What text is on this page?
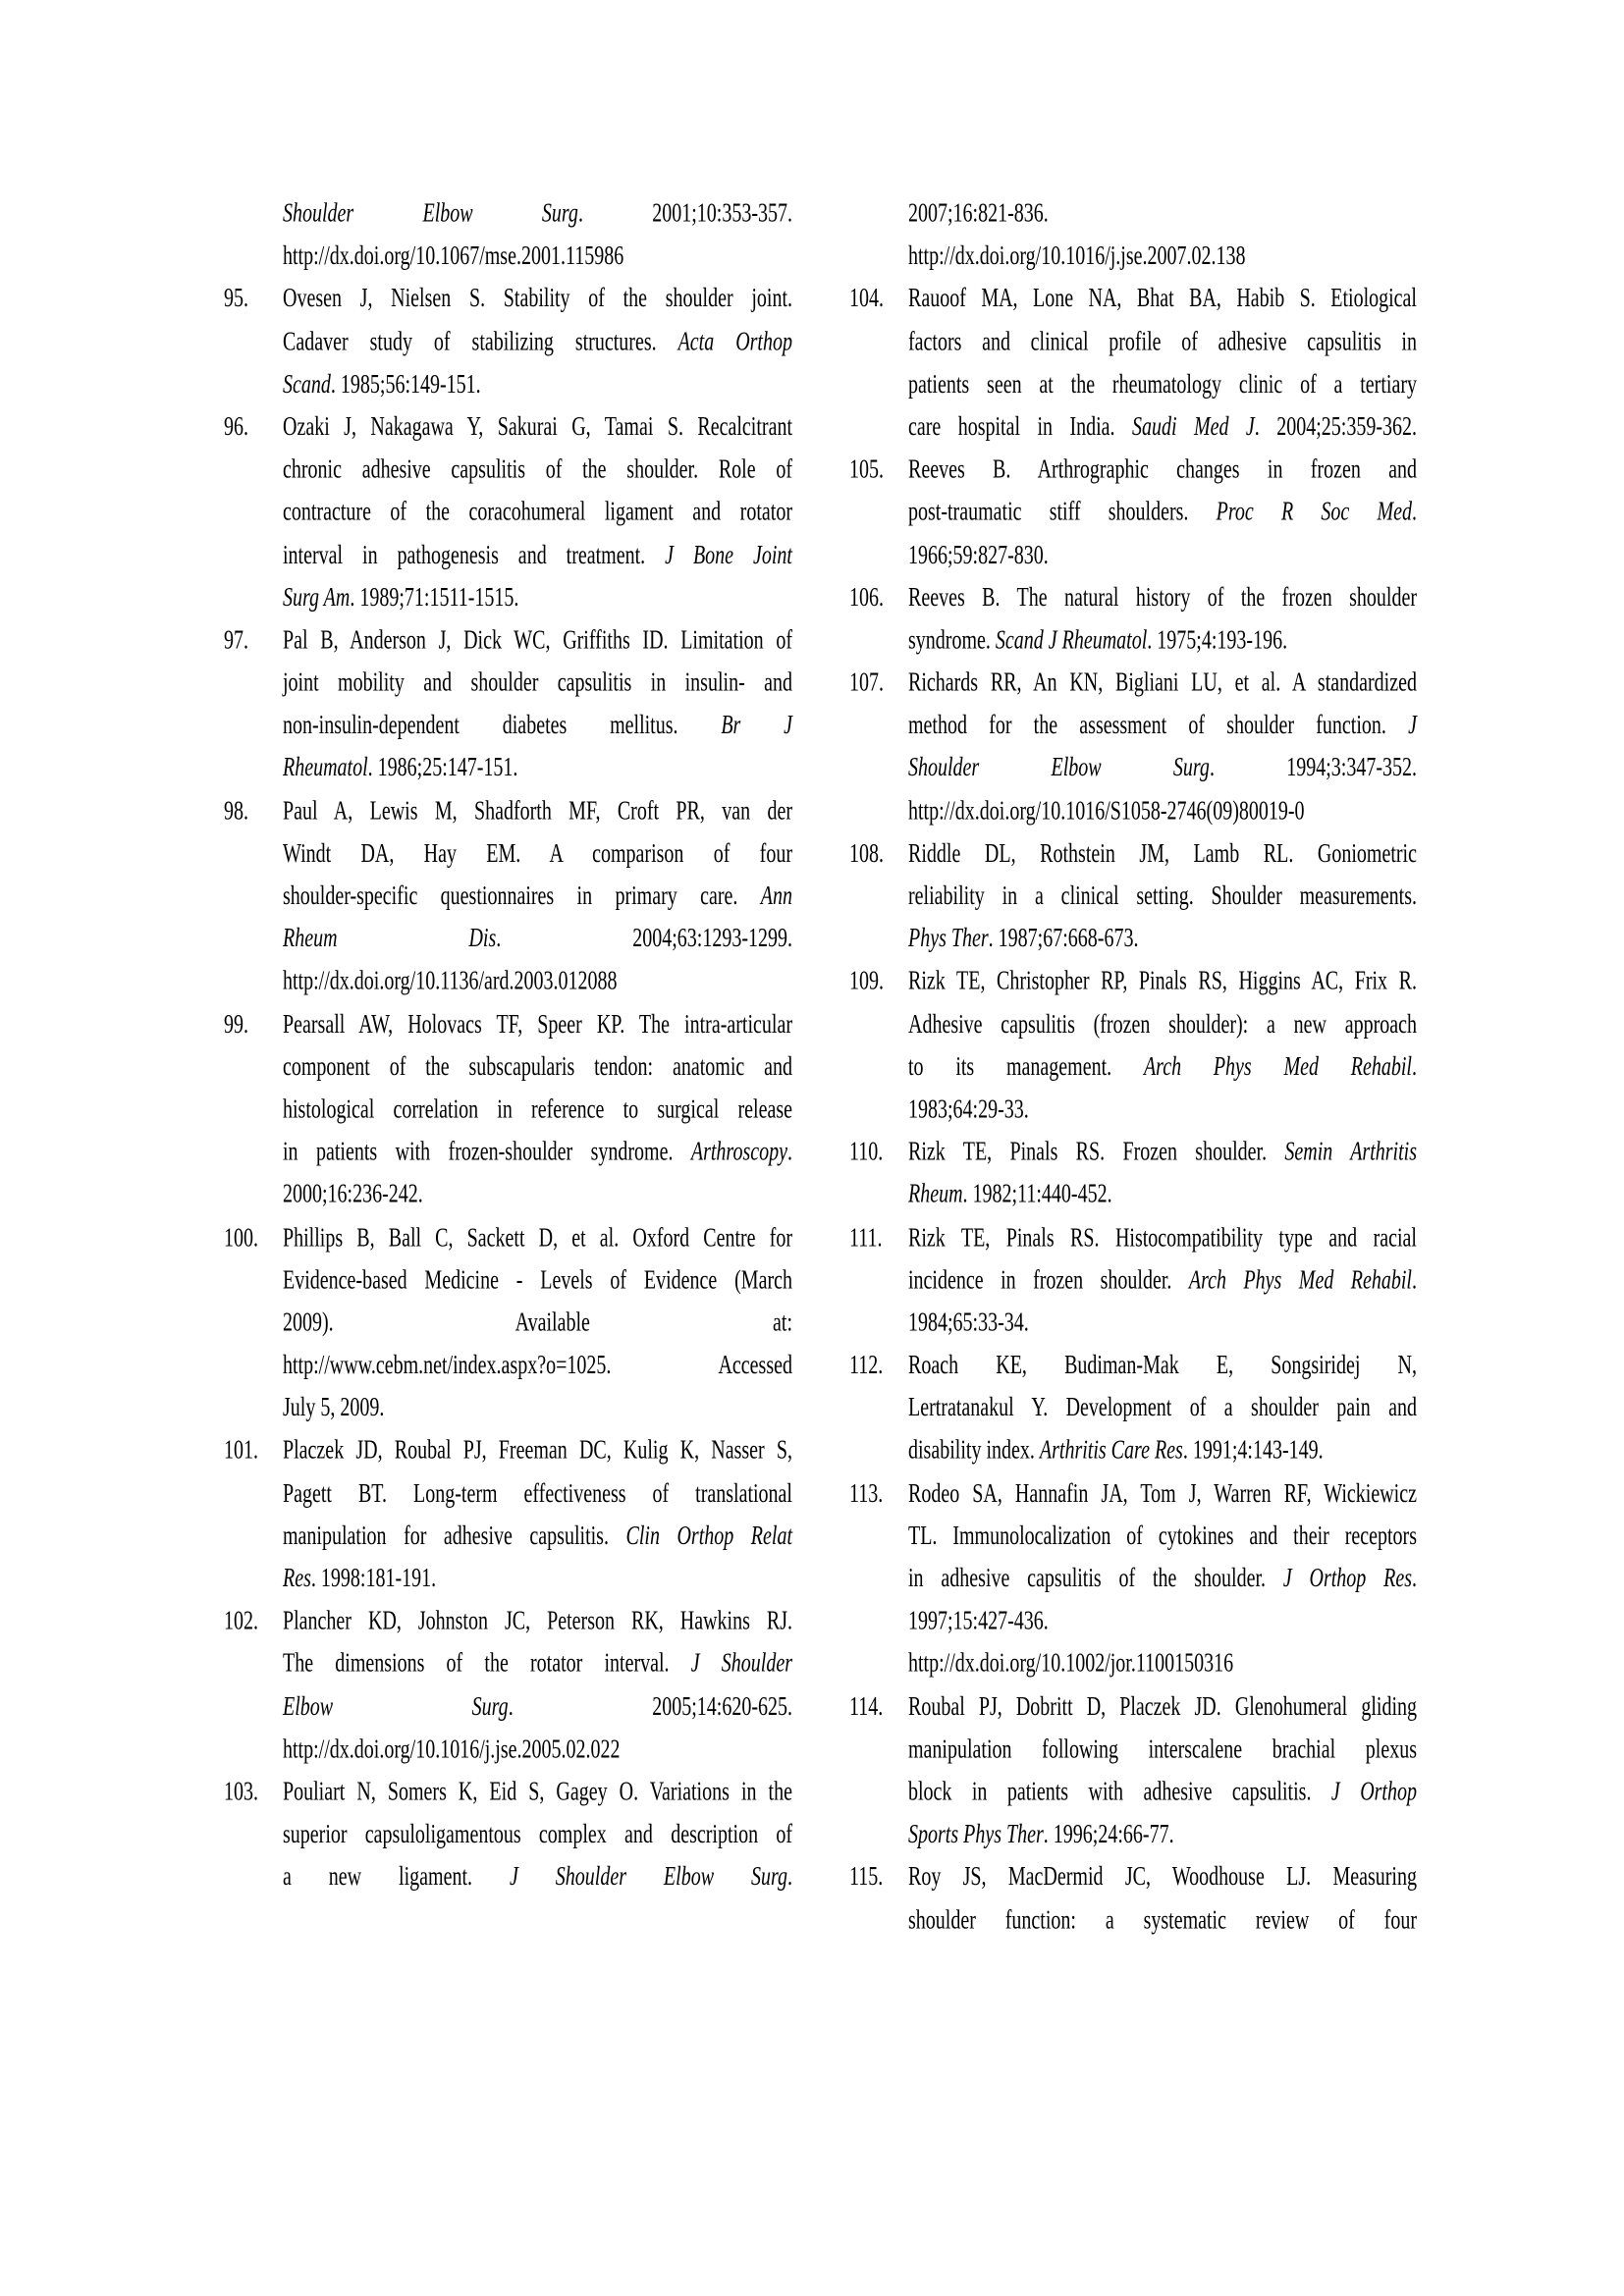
Shoulder Elbow Surg. 2001;10:353-357.
http://dx.doi.org/10.1067/mse.2001.115986
95. Ovesen J, Nielsen S. Stability of the shoulder joint.
Cadaver study of stabilizing structures. Acta Orthop
Scand. 1985;56:149-151.
96. Ozaki J, Nakagawa Y, Sakurai G, Tamai S. Recalcitrant
chronic adhesive capsulitis of the shoulder. Role of
contracture of the coracohumeral ligament and rotator
interval in pathogenesis and treatment. J Bone Joint
Surg Am. 1989;71:1511-1515.
97. Pal B, Anderson J, Dick WC, Griffiths ID. Limitation of
joint mobility and shoulder capsulitis in insulin- and
non-insulin-dependent diabetes mellitus. Br J
Rheumatol. 1986;25:147-151.
98. Paul A, Lewis M, Shadforth MF, Croft PR, van der
Windt DA, Hay EM. A comparison of four
shoulder-specific questionnaires in primary care. Ann
Rheum Dis. 2004;63:1293-1299.
http://dx.doi.org/10.1136/ard.2003.012088
99. Pearsall AW, Holovacs TF, Speer KP. The intra-articular
component of the subscapularis tendon: anatomic and
histological correlation in reference to surgical release
in patients with frozen-shoulder syndrome. Arthroscopy.
2000;16:236-242.
100. Phillips B, Ball C, Sackett D, et al. Oxford Centre for
Evidence-based Medicine - Levels of Evidence (March
2009). Available at:
http://www.cebm.net/index.aspx?o=1025. Accessed
July 5, 2009.
101. Placzek JD, Roubal PJ, Freeman DC, Kulig K, Nasser S,
Pagett BT. Long-term effectiveness of translational
manipulation for adhesive capsulitis. Clin Orthop Relat
Res. 1998:181-191.
102. Plancher KD, Johnston JC, Peterson RK, Hawkins RJ.
The dimensions of the rotator interval. J Shoulder
Elbow Surg. 2005;14:620-625.
http://dx.doi.org/10.1016/j.jse.2005.02.022
103. Pouliart N, Somers K, Eid S, Gagey O. Variations in the
superior capsuloligamentous complex and description of
a new ligament. J Shoulder Elbow Surg.
2007;16:821-836.
http://dx.doi.org/10.1016/j.jse.2007.02.138
104. Rauoof MA, Lone NA, Bhat BA, Habib S. Etiological
factors and clinical profile of adhesive capsulitis in
patients seen at the rheumatology clinic of a tertiary
care hospital in India. Saudi Med J. 2004;25:359-362.
105. Reeves B. Arthrographic changes in frozen and
post-traumatic stiff shoulders. Proc R Soc Med.
1966;59:827-830.
106. Reeves B. The natural history of the frozen shoulder
syndrome. Scand J Rheumatol. 1975;4:193-196.
107. Richards RR, An KN, Bigliani LU, et al. A standardized
method for the assessment of shoulder function. J
Shoulder Elbow Surg. 1994;3:347-352.
http://dx.doi.org/10.1016/S1058-2746(09)80019-0
108. Riddle DL, Rothstein JM, Lamb RL. Goniometric
reliability in a clinical setting. Shoulder measurements.
Phys Ther. 1987;67:668-673.
109. Rizk TE, Christopher RP, Pinals RS, Higgins AC, Frix R.
Adhesive capsulitis (frozen shoulder): a new approach
to its management. Arch Phys Med Rehabil.
1983;64:29-33.
110. Rizk TE, Pinals RS. Frozen shoulder. Semin Arthritis
Rheum. 1982;11:440-452.
111. Rizk TE, Pinals RS. Histocompatibility type and racial
incidence in frozen shoulder. Arch Phys Med Rehabil.
1984;65:33-34.
112. Roach KE, Budiman-Mak E, Songsiridej N,
Lertratanakul Y. Development of a shoulder pain and
disability index. Arthritis Care Res. 1991;4:143-149.
113. Rodeo SA, Hannafin JA, Tom J, Warren RF, Wickiewicz
TL. Immunolocalization of cytokines and their receptors
in adhesive capsulitis of the shoulder. J Orthop Res.
1997;15:427-436.
http://dx.doi.org/10.1002/jor.1100150316
114. Roubal PJ, Dobritt D, Placzek JD. Glenohumeral gliding
manipulation following interscalene brachial plexus
block in patients with adhesive capsulitis. J Orthop
Sports Phys Ther. 1996;24:66-77.
115. Roy JS, MacDermid JC, Woodhouse LJ. Measuring
shoulder function: a systematic review of four
